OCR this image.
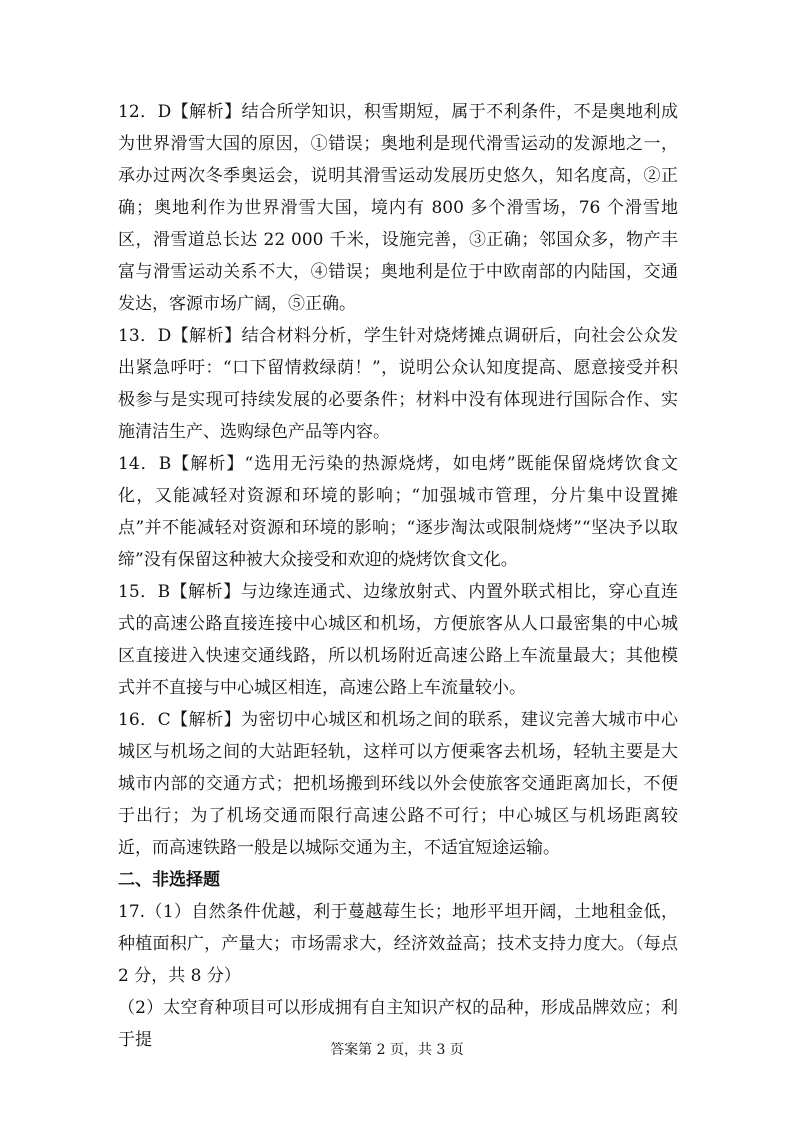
12．D【解析】结合所学知识，积雪期短，属于不利条件，不是奥地利成为世界滑雪大国的原因，①错误；奥地利是现代滑雪运动的发源地之一，承办过两次冬季奥运会，说明其滑雪运动发展历史悠久，知名度高，②正确；奥地利作为世界滑雪大国，境内有 800 多个滑雪场，76 个滑雪地区，滑雪道总长达 22 000 千米，设施完善，③正确；邻国众多，物产丰富与滑雪运动关系不大，④错误；奥地利是位于中欧南部的内陆国，交通发达，客源市场广阔，⑤正确。

13．D【解析】结合材料分析，学生针对烧烤摊点调研后，向社会公众发出紧急呼吁：“口下留情救绿荫！”，说明公众认知度提高、愿意接受并积极参与是实现可持续发展的必要条件；材料中没有体现进行国际合作、实施清洁生产、选购绿色产品等内容。

14．B【解析】“选用无污染的热源烧烤，如电烤”既能保留烧烤饮食文化，又能减轻对资源和环境的影响；“加强城市管理，分片集中设置摊点”并不能减轻对资源和环境的影响；“逐步淘汰或限制烧烤”“坚决予以取缔”没有保留这种被大众接受和欢迎的烧烤饮食文化。

15．B【解析】与边缘连通式、边缘放射式、内置外联式相比，穿心直连式的高速公路直接连接中心城区和机场，方便旅客从人口最密集的中心城区直接进入快速交通线路，所以机场附近高速公路上车流量最大；其他模式并不直接与中心城区相连，高速公路上车流量较小。

16．C【解析】为密切中心城区和机场之间的联系，建议完善大城市中心城区与机场之间的大站距轻轨，这样可以方便乘客去机场，轻轨主要是大城市内部的交通方式；把机场搬到环线以外会使旅客交通距离加长，不便于出行；为了机场交通而限行高速公路不可行；中心城区与机场距离较近，而高速铁路一般是以城际交通为主，不适宜短途运输。

二、非选择题

17.（1）自然条件优越，利于蔓越莓生长；地形平坦开阔，土地租金低，种植面积广，产量大；市场需求大，经济效益高；技术支持力度大。（每点 2 分，共 8 分）

（2）太空育种项目可以形成拥有自主知识产权的品种，形成品牌效应；利于提	答案第 2 页，共 3 页
